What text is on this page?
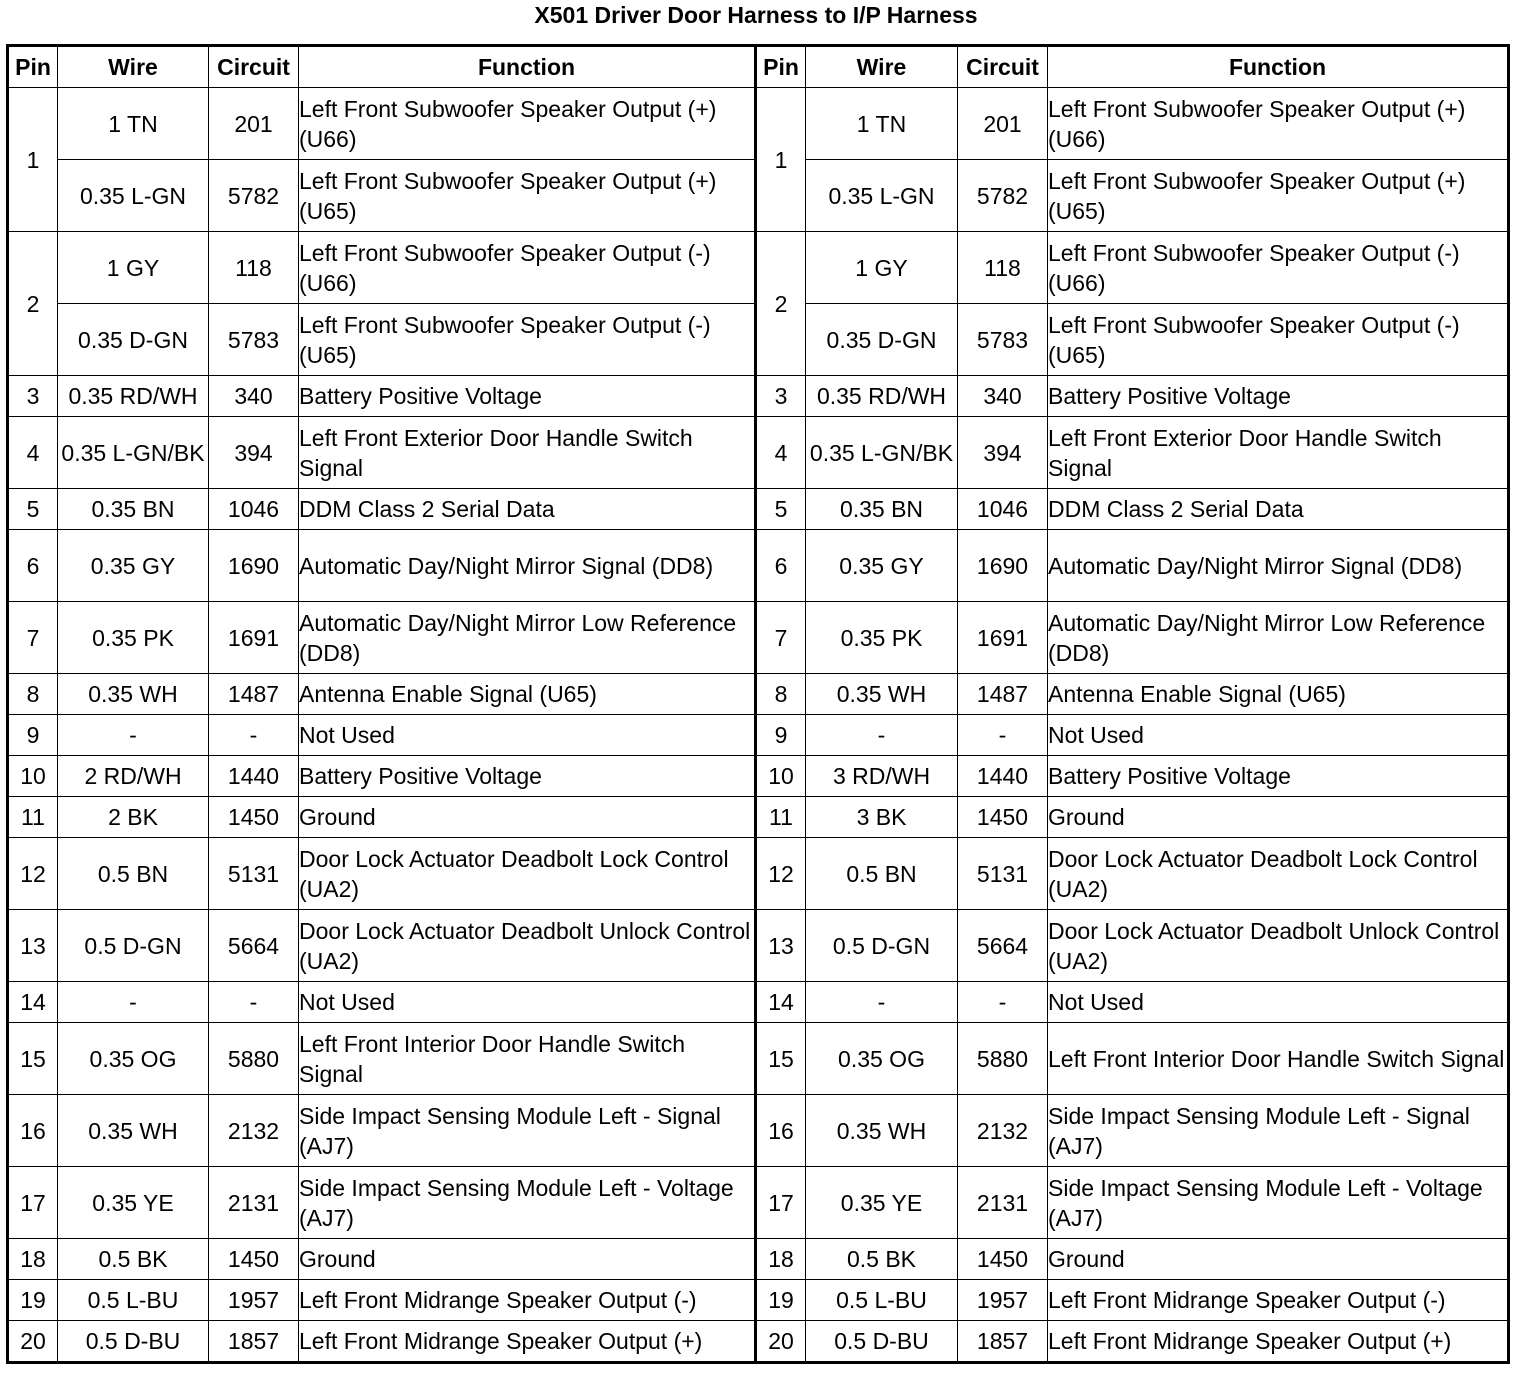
X501 Driver Door Harness to I/P Harness
Pin	Wire	Circuit	Function	Pin	Wire	Circuit	Function
1	1 TN	201	Left Front Subwoofer Speaker Output (+) (U66)	1	1 TN	201	Left Front Subwoofer Speaker Output (+) (U66)
	0.35 L-GN	5782	Left Front Subwoofer Speaker Output (+) (U65)		0.35 L-GN	5782	Left Front Subwoofer Speaker Output (+) (U65)
2	1 GY	118	Left Front Subwoofer Speaker Output (-) (U66)	2	1 GY	118	Left Front Subwoofer Speaker Output (-) (U66)
	0.35 D-GN	5783	Left Front Subwoofer Speaker Output (-) (U65)		0.35 D-GN	5783	Left Front Subwoofer Speaker Output (-) (U65)
3	0.35 RD/WH	340	Battery Positive Voltage	3	0.35 RD/WH	340	Battery Positive Voltage
4	0.35 L-GN/BK	394	Left Front Exterior Door Handle Switch Signal	4	0.35 L-GN/BK	394	Left Front Exterior Door Handle Switch Signal
5	0.35 BN	1046	DDM Class 2 Serial Data	5	0.35 BN	1046	DDM Class 2 Serial Data
6	0.35 GY	1690	Automatic Day/Night Mirror Signal (DD8)	6	0.35 GY	1690	Automatic Day/Night Mirror Signal (DD8)
7	0.35 PK	1691	Automatic Day/Night Mirror Low Reference (DD8)	7	0.35 PK	1691	Automatic Day/Night Mirror Low Reference (DD8)
8	0.35 WH	1487	Antenna Enable Signal (U65)	8	0.35 WH	1487	Antenna Enable Signal (U65)
9	-	-	Not Used	9	-	-	Not Used
10	2 RD/WH	1440	Battery Positive Voltage	10	3 RD/WH	1440	Battery Positive Voltage
11	2 BK	1450	Ground	11	3 BK	1450	Ground
12	0.5 BN	5131	Door Lock Actuator Deadbolt Lock Control (UA2)	12	0.5 BN	5131	Door Lock Actuator Deadbolt Lock Control (UA2)
13	0.5 D-GN	5664	Door Lock Actuator Deadbolt Unlock Control (UA2)	13	0.5 D-GN	5664	Door Lock Actuator Deadbolt Unlock Control (UA2)
14	-	-	Not Used	14	-	-	Not Used
15	0.35 OG	5880	Left Front Interior Door Handle Switch Signal	15	0.35 OG	5880	Left Front Interior Door Handle Switch Signal
16	0.35 WH	2132	Side Impact Sensing Module Left - Signal (AJ7)	16	0.35 WH	2132	Side Impact Sensing Module Left - Signal (AJ7)
17	0.35 YE	2131	Side Impact Sensing Module Left - Voltage (AJ7)	17	0.35 YE	2131	Side Impact Sensing Module Left - Voltage (AJ7)
18	0.5 BK	1450	Ground	18	0.5 BK	1450	Ground
19	0.5 L-BU	1957	Left Front Midrange Speaker Output (-)	19	0.5 L-BU	1957	Left Front Midrange Speaker Output (-)
20	0.5 D-BU	1857	Left Front Midrange Speaker Output (+)	20	0.5 D-BU	1857	Left Front Midrange Speaker Output (+)
